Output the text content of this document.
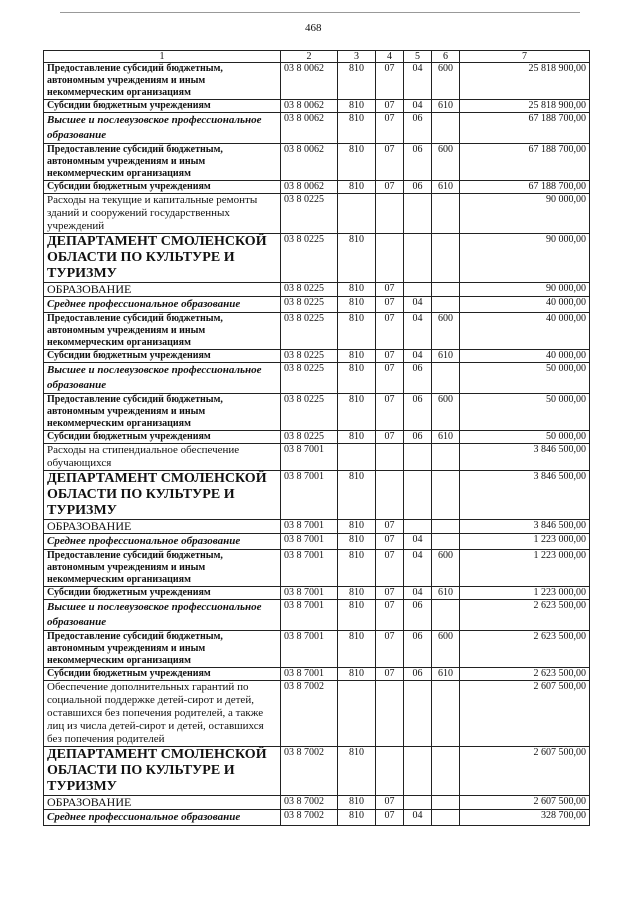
468
1	2	3	4	5	6	7
Предоставление субсидий бюджетным, автономным учреждениям и иным некоммерческим организациям	03 8 0062	810	07	04	600	25 818 900,00
Субсидии бюджетным учреждениям	03 8 0062	810	07	04	610	25 818 900,00
Высшее и послевузовское профессиональное образование	03 8 0062	810	07	06		67 188 700,00
Предоставление субсидий бюджетным, автономным учреждениям и иным некоммерческим организациям	03 8 0062	810	07	06	600	67 188 700,00
Субсидии бюджетным учреждениям	03 8 0062	810	07	06	610	67 188 700,00
Расходы на текущие и капитальные ремонты зданий и сооружений государственных учреждений	03 8 0225					90 000,00
ДЕПАРТАМЕНТ СМОЛЕНСКОЙ ОБЛАСТИ ПО КУЛЬТУРЕ И ТУРИЗМУ	03 8 0225	810				90 000,00
ОБРАЗОВАНИЕ	03 8 0225	810	07			90 000,00
Среднее профессиональное образование	03 8 0225	810	07	04		40 000,00
Предоставление субсидий бюджетным, автономным учреждениям и иным некоммерческим организациям	03 8 0225	810	07	04	600	40 000,00
Субсидии бюджетным учреждениям	03 8 0225	810	07	04	610	40 000,00
Высшее и послевузовское профессиональное образование	03 8 0225	810	07	06		50 000,00
Предоставление субсидий бюджетным, автономным учреждениям и иным некоммерческим организациям	03 8 0225	810	07	06	600	50 000,00
Субсидии бюджетным учреждениям	03 8 0225	810	07	06	610	50 000,00
Расходы на стипендиальное обеспечение обучающихся	03 8 7001					3 846 500,00
ДЕПАРТАМЕНТ СМОЛЕНСКОЙ ОБЛАСТИ ПО КУЛЬТУРЕ И ТУРИЗМУ	03 8 7001	810				3 846 500,00
ОБРАЗОВАНИЕ	03 8 7001	810	07			3 846 500,00
Среднее профессиональное образование	03 8 7001	810	07	04		1 223 000,00
Предоставление субсидий бюджетным, автономным учреждениям и иным некоммерческим организациям	03 8 7001	810	07	04	600	1 223 000,00
Субсидии бюджетным учреждениям	03 8 7001	810	07	04	610	1 223 000,00
Высшее и послевузовское профессиональное образование	03 8 7001	810	07	06		2 623 500,00
Предоставление субсидий бюджетным, автономным учреждениям и иным некоммерческим организациям	03 8 7001	810	07	06	600	2 623 500,00
Субсидии бюджетным учреждениям	03 8 7001	810	07	06	610	2 623 500,00
Обеспечение дополнительных гарантий по социальной поддержке детей-сирот и детей, оставшихся без попечения родителей, а также лиц из числа детей-сирот и детей, оставшихся без попечения родителей	03 8 7002					2 607 500,00
ДЕПАРТАМЕНТ СМОЛЕНСКОЙ ОБЛАСТИ ПО КУЛЬТУРЕ И ТУРИЗМУ	03 8 7002	810				2 607 500,00
ОБРАЗОВАНИЕ	03 8 7002	810	07			2 607 500,00
Среднее профессиональное образование	03 8 7002	810	07	04		328 700,00
